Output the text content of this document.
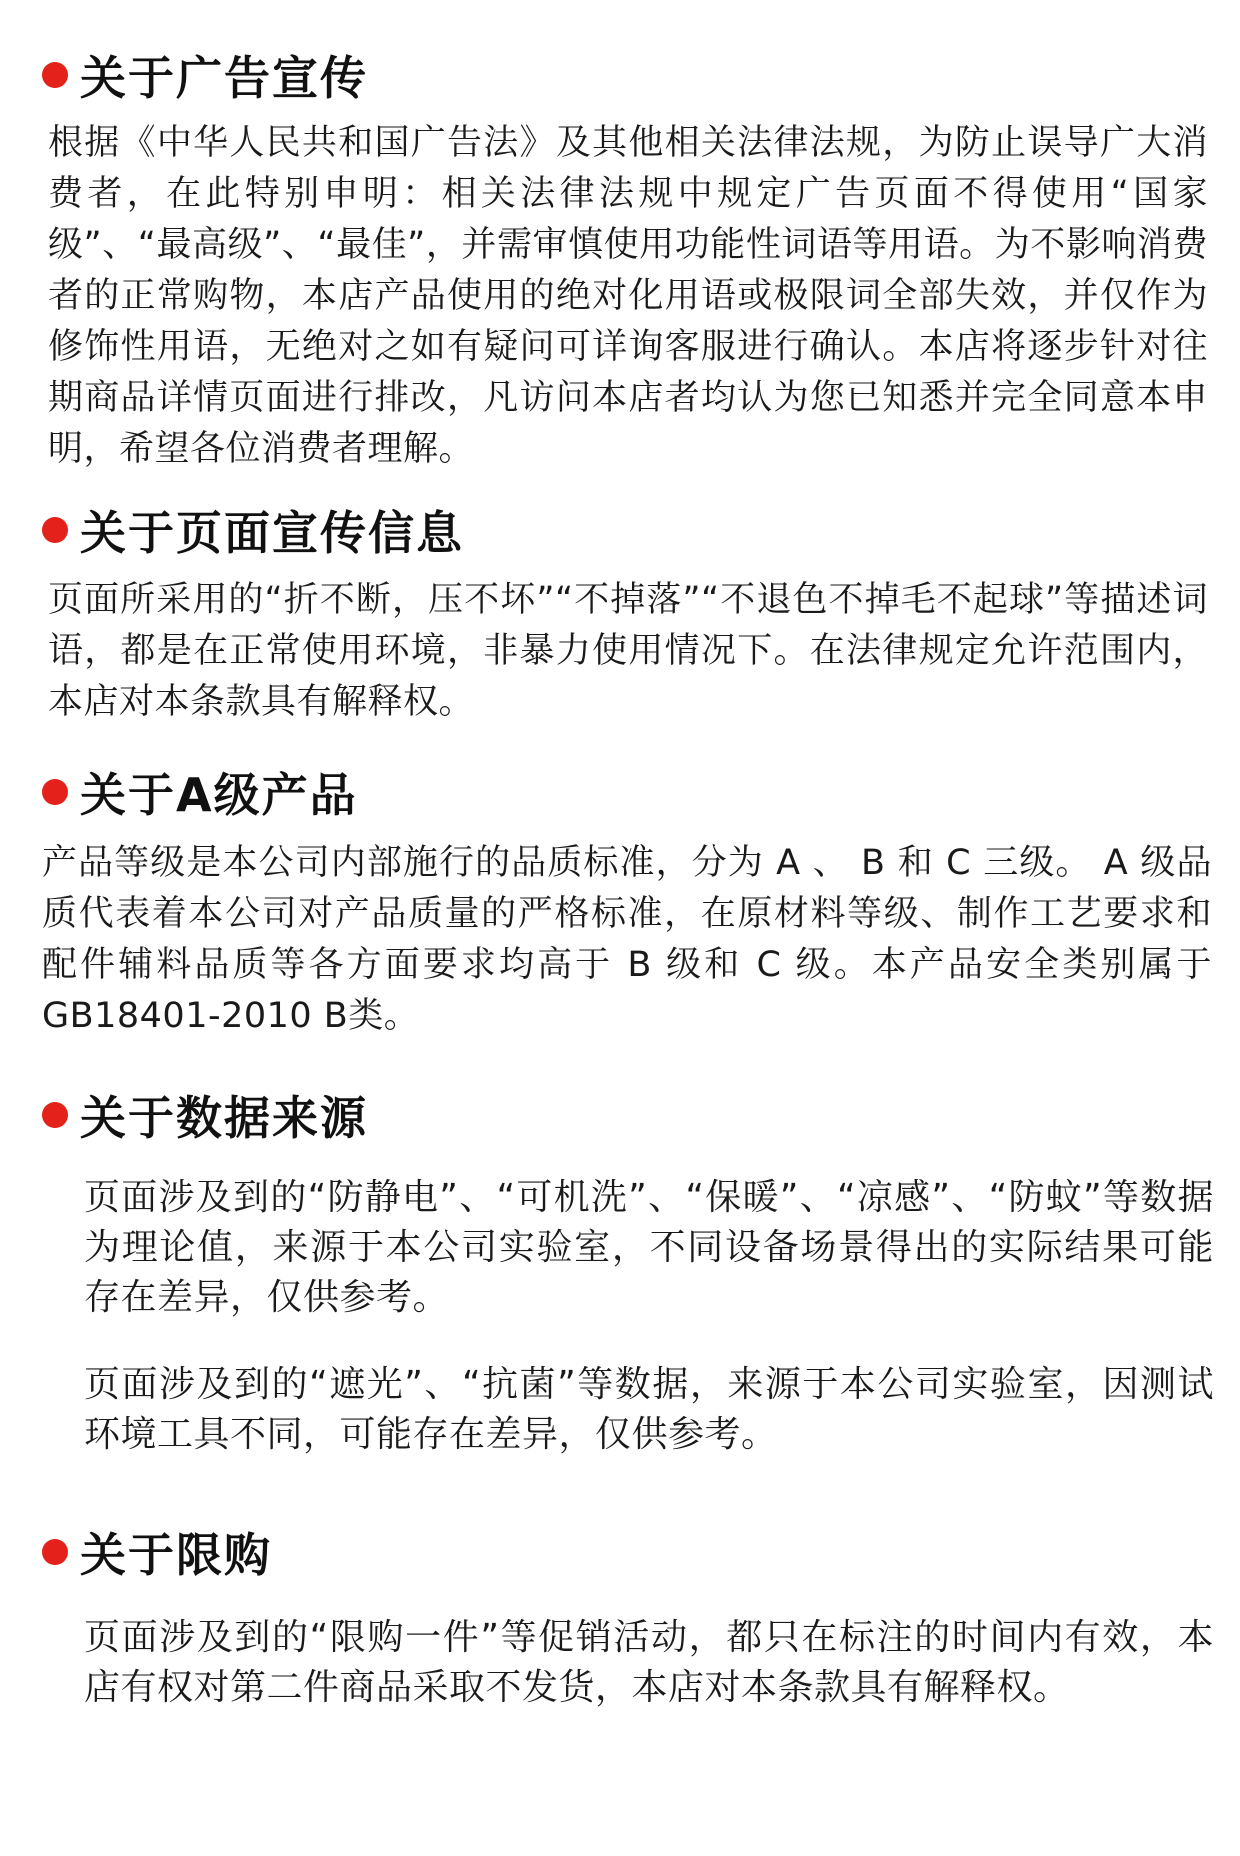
关于广告宣传
根据《中华人民共和国广告法》及其他相关法律法规，为防止误导广大消费者，在此特别申明：相关法律法规中规定广告页面不得使用“国家级”、“最高级”、“最佳”，并需审慎使用功能性词语等用语。为不影响消费者的正常购物，本店产品使用的绝对化用语或极限词全部失效，并仅作为修饰性用语，无绝对之如有疑问可详询客服进行确认。本店将逐步针对往期商品详情页面进行排改，凡访问本店者均认为您已知悉并完全同意本申明，希望各位消费者理解。
关于页面宣传信息
页面所采用的“折不断，压不坏”“不掉落”“不退色不掉毛不起球”等描述词语，都是在正常使用环境，非暴力使用情况下。在法律规定允许范围内，本店对本条款具有解释权。
关于A级产品
产品等级是本公司内部施行的品质标准，分为 A 、 B 和 C 三级。 A 级品质代表着本公司对产品质量的严格标准，在原材料等级、制作工艺要求和配件辅料品质等各方面要求均高于 B 级和 C 级。本产品安全类别属于GB18401-2010 B类。
关于数据来源
页面涉及到的“防静电”、“可机洗”、“保暖”、“凉感”、“防蚊”等数据为理论值，来源于本公司实验室，不同设备场景得出的实际结果可能存在差异，仅供参考。
页面涉及到的“遮光”、“抗菌”等数据，来源于本公司实验室，因测试环境工具不同，可能存在差异，仅供参考。
关于限购
页面涉及到的“限购一件”等促销活动，都只在标注的时间内有效，本店有权对第二件商品采取不发货，本店对本条款具有解释权。
